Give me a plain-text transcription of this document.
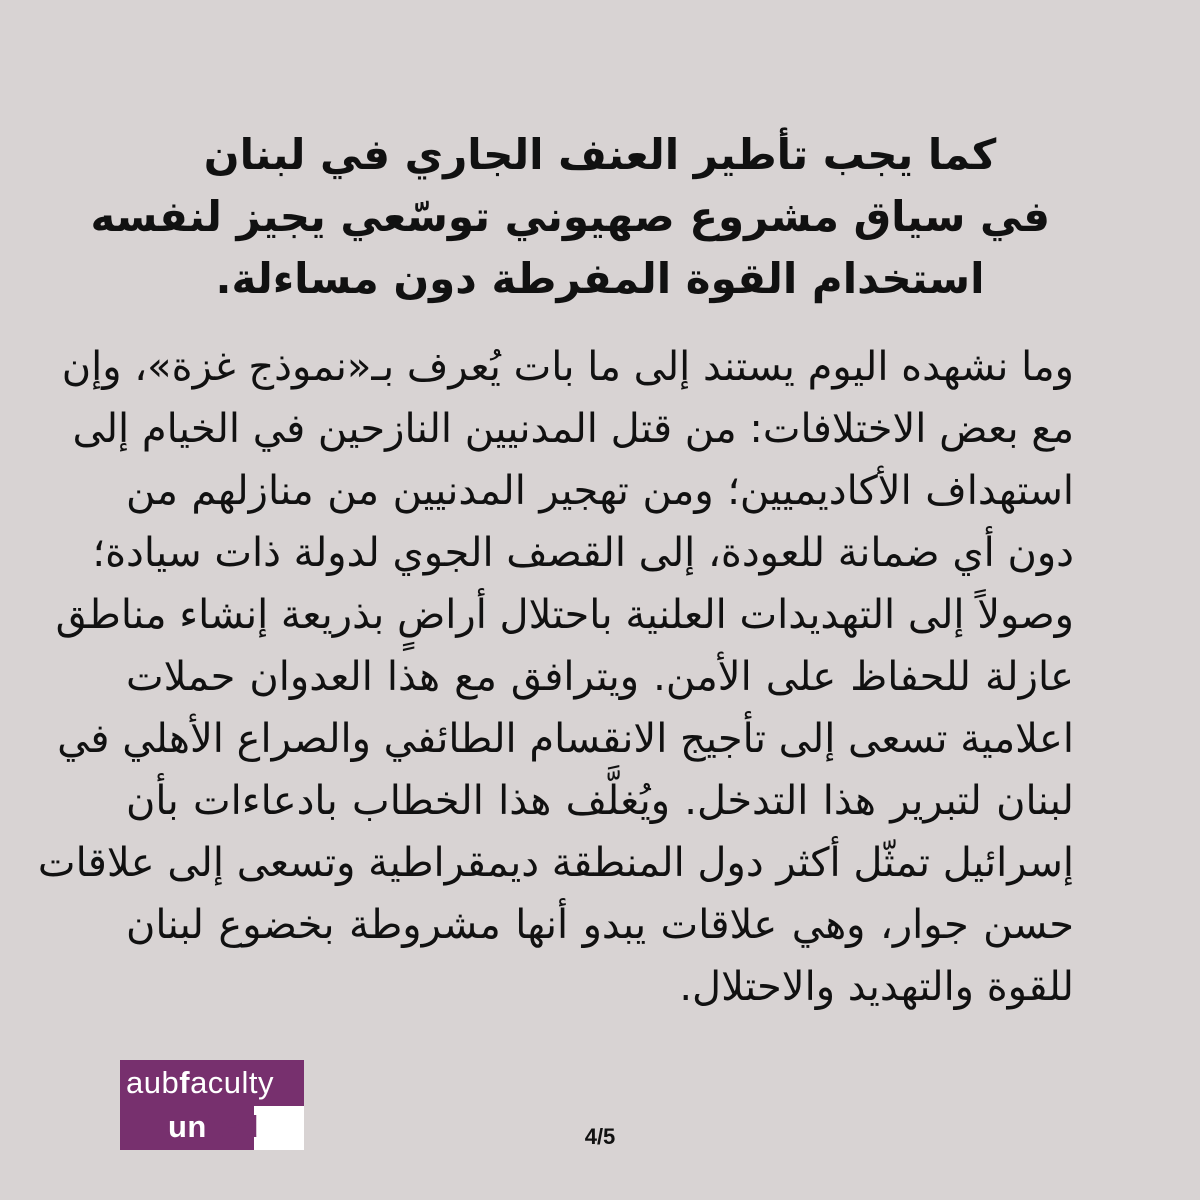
كما يجب تأطير العنف الجاري في لبنان
في سياق مشروع صهيوني توسّعي يجيز لنفسه
استخدام القوة المفرطة دون مساءلة.

وما نشهده اليوم يستند إلى ما بات يُعرف بـ«نموذج غزة»، وإن
مع بعض الاختلافات: من قتل المدنيين النازحين في الخيام إلى
استهداف الأكاديميين؛ ومن تهجير المدنيين من منازلهم من
دون أي ضمانة للعودة، إلى القصف الجوي لدولة ذات سيادة؛
وصولاً إلى التهديدات العلنية باحتلال أراضٍ بذريعة إنشاء مناطق
عازلة للحفاظ على الأمن. ويترافق مع هذا العدوان حملات
اعلامية تسعى إلى تأجيج الانقسام الطائفي والصراع الأهلي في
لبنان لتبرير هذا التدخل. ويُغلَّف هذا الخطاب بادعاءات بأن
إسرائيل تمثّل أكثر دول المنطقة ديمقراطية وتسعى إلى علاقات
حسن جوار، وهي علاقات يبدو أنها مشروطة بخضوع لبنان
للقوة والتهديد والاحتلال.

aubfaculty
united	4/5
